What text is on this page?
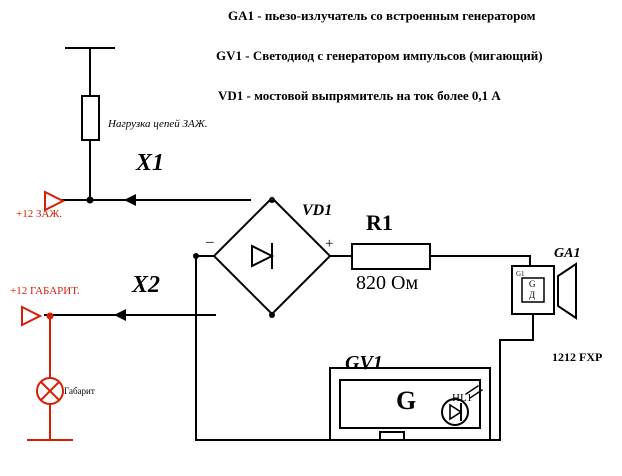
GA1 - пьезо-излучатель со встроенным генератором
GV1 - Светодиод с генератором импульсов (мигающий)
VD1 - мостовой выпрямитель на ток более 0,1 А
Нагрузка цепей ЗАЖ.
X1
X2
+12 ЗАЖ.
+12 ГАБАРИТ.
Габарит
VD1
–	+
R1
820 Ом
GA1
G1
G
Д
1212 FXP
GV1
G	HL1
